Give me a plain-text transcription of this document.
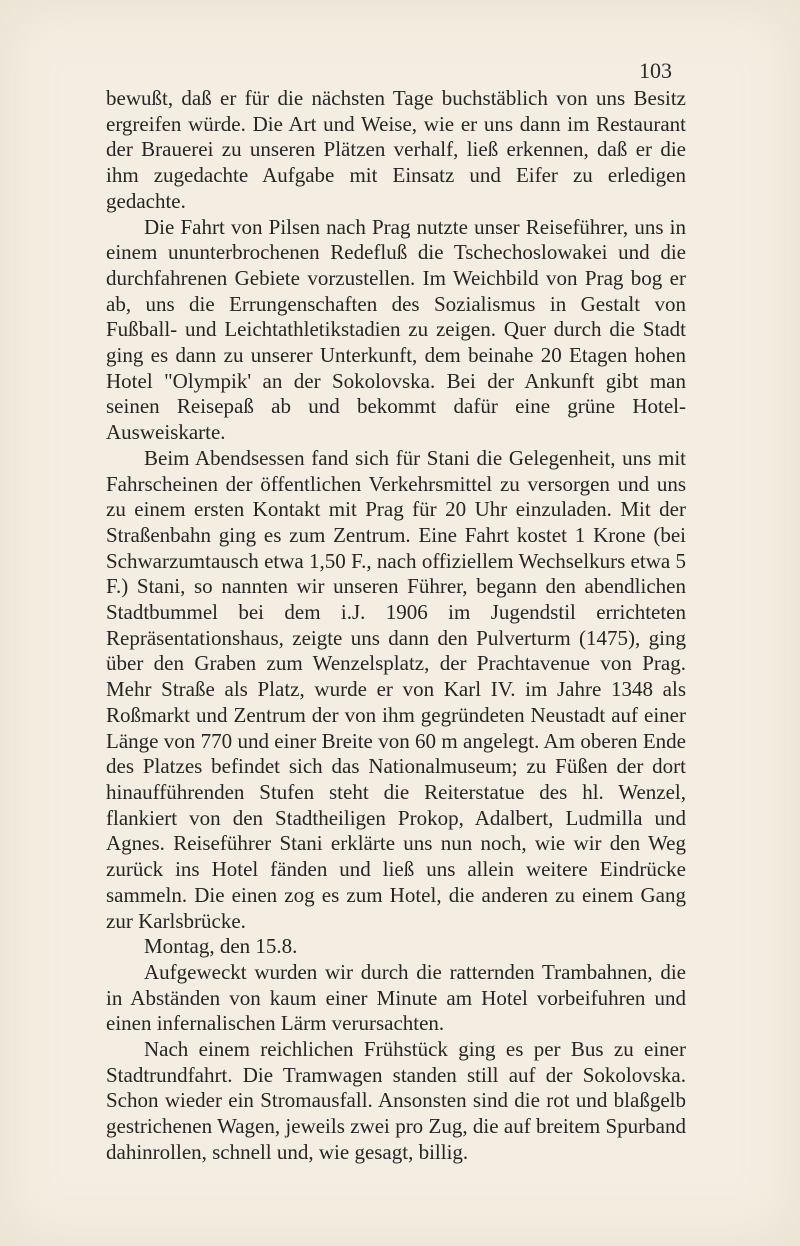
103

bewußt, daß er für die nächsten Tage buchstäblich von uns Besitz ergreifen würde. Die Art und Weise, wie er uns dann im Restaurant der Brauerei zu unseren Plätzen verhalf, ließ erkennen, daß er die ihm zugedachte Aufgabe mit Einsatz und Eifer zu erledigen gedachte.

Die Fahrt von Pilsen nach Prag nutzte unser Reiseführer, uns in einem ununterbrochenen Redefluß die Tschechoslowakei und die durchfahrenen Gebiete vorzustellen. Im Weichbild von Prag bog er ab, uns die Errungenschaften des Sozialismus in Gestalt von Fußball- und Leichtathletikstadien zu zeigen. Quer durch die Stadt ging es dann zu unserer Unterkunft, dem beinahe 20 Etagen hohen Hotel "Olympik' an der Sokolovska. Bei der Ankunft gibt man seinen Reisepaß ab und bekommt dafür eine grüne Hotel-Ausweiskarte.

Beim Abendsessen fand sich für Stani die Gelegenheit, uns mit Fahrscheinen der öffentlichen Verkehrsmittel zu versorgen und uns zu einem ersten Kontakt mit Prag für 20 Uhr einzuladen. Mit der Straßenbahn ging es zum Zentrum. Eine Fahrt kostet 1 Krone (bei Schwarzumtausch etwa 1,50 F., nach offiziellem Wechselkurs etwa 5 F.) Stani, so nannten wir unseren Führer, begann den abendlichen Stadtbummel bei dem i.J. 1906 im Jugendstil errichteten Repräsentationshaus, zeigte uns dann den Pulverturm (1475), ging über den Graben zum Wenzelsplatz, der Prachtavenue von Prag. Mehr Straße als Platz, wurde er von Karl IV. im Jahre 1348 als Roßmarkt und Zentrum der von ihm gegründeten Neustadt auf einer Länge von 770 und einer Breite von 60 m angelegt. Am oberen Ende des Platzes befindet sich das Nationalmuseum; zu Füßen der dort hinaufführenden Stufen steht die Reiterstatue des hl. Wenzel, flankiert von den Stadtheiligen Prokop, Adalbert, Ludmilla und Agnes. Reiseführer Stani erklärte uns nun noch, wie wir den Weg zurück ins Hotel fänden und ließ uns allein weitere Eindrücke sammeln. Die einen zog es zum Hotel, die anderen zu einem Gang zur Karlsbrücke.

Montag, den 15.8.

Aufgeweckt wurden wir durch die ratternden Trambahnen, die in Abständen von kaum einer Minute am Hotel vorbeifuhren und einen infernalischen Lärm verursachten.

Nach einem reichlichen Frühstück ging es per Bus zu einer Stadtrundfahrt. Die Tramwagen standen still auf der Sokolovska. Schon wieder ein Stromausfall. Ansonsten sind die rot und blaßgelb gestrichenen Wagen, jeweils zwei pro Zug, die auf breitem Spurband dahinrollen, schnell und, wie gesagt, billig.
